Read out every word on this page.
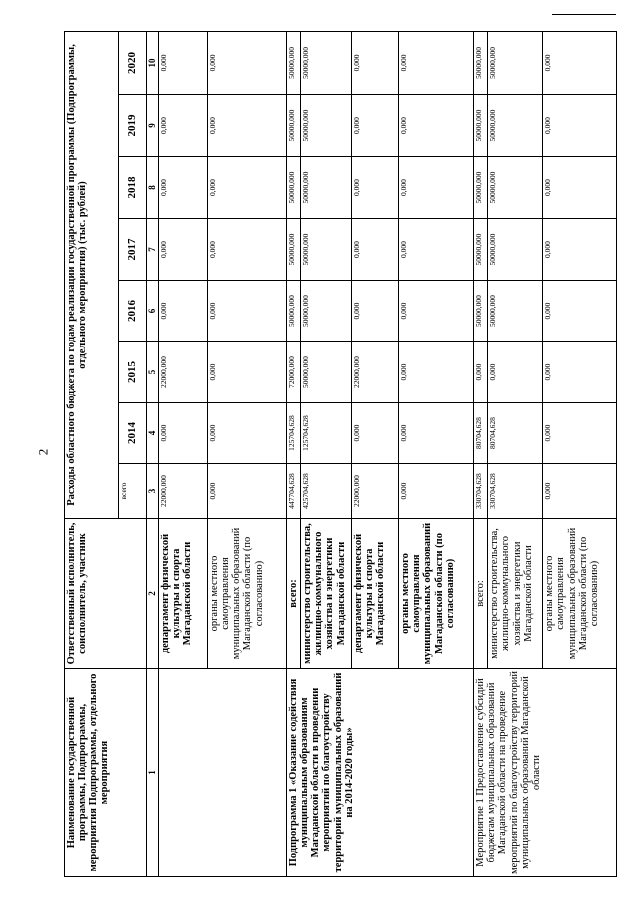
2
Наименование государственной программы, Подпрограммы, мероприятия Подпрограммы, отдельного мероприятия	Ответственный исполнитель, соисполнитель, участник	Расходы областного бюджета по годам реализации государственной программы (Подпрограммы, отдельного мероприятия) (тыс. рублей)							
		всего	2014	2015	2016	2017	2018	2019	2020
1	2	3	4	5	6	7	8	9	10
	департамент физической культуры и спорта Магаданской области	22000,000	0,000	22000,000	0,000	0,000	0,000	0,000	0,000
	органы местного самоуправления муниципальных образований Магаданской области (по согласованию)	0,000	0,000	0,000	0,000	0,000	0,000	0,000	0,000
Подпрограмма 1 «Оказание содействия муниципальным образованиям Магаданской области в проведении мероприятий по благоустройству территорий муниципальных образований на 2014-2020 годы»	всего:	447704,628	125704,628	72000,000	50000,000	50000,000	50000,000	50000,000	50000,000
	министерство строительства, жилищно-коммунального хозяйства и энергетики Магаданской области	425704,628	125704,628	50000,000	50000,000	50000,000	50000,000	50000,000	50000,000
	департамент физической культуры и спорта Магаданской области	22000,000	0,000	22000,000	0,000	0,000	0,000	0,000	0,000
	органы местного самоуправления муниципальных образований Магаданской области (по согласованию)	0,000	0,000	0,000	0,000	0,000	0,000	0,000	0,000
Мероприятие 1 Предоставление субсидий бюджетам муниципальных образований Магаданской области на проведение мероприятий по благоустройству территорий муниципальных образований Магаданской области	всего:	330704,628	80704,628	0,000	50000,000	50000,000	50000,000	50000,000	50000,000
	министерство строительства, жилищно-коммунального хозяйства и энергетики Магаданской области	330704,628	80704,628	0,000	50000,000	50000,000	50000,000	50000,000	50000,000
	органы местного самоуправления муниципальных образований Магаданской области (по согласованию)	0,000	0,000	0,000	0,000	0,000	0,000	0,000	0,000
